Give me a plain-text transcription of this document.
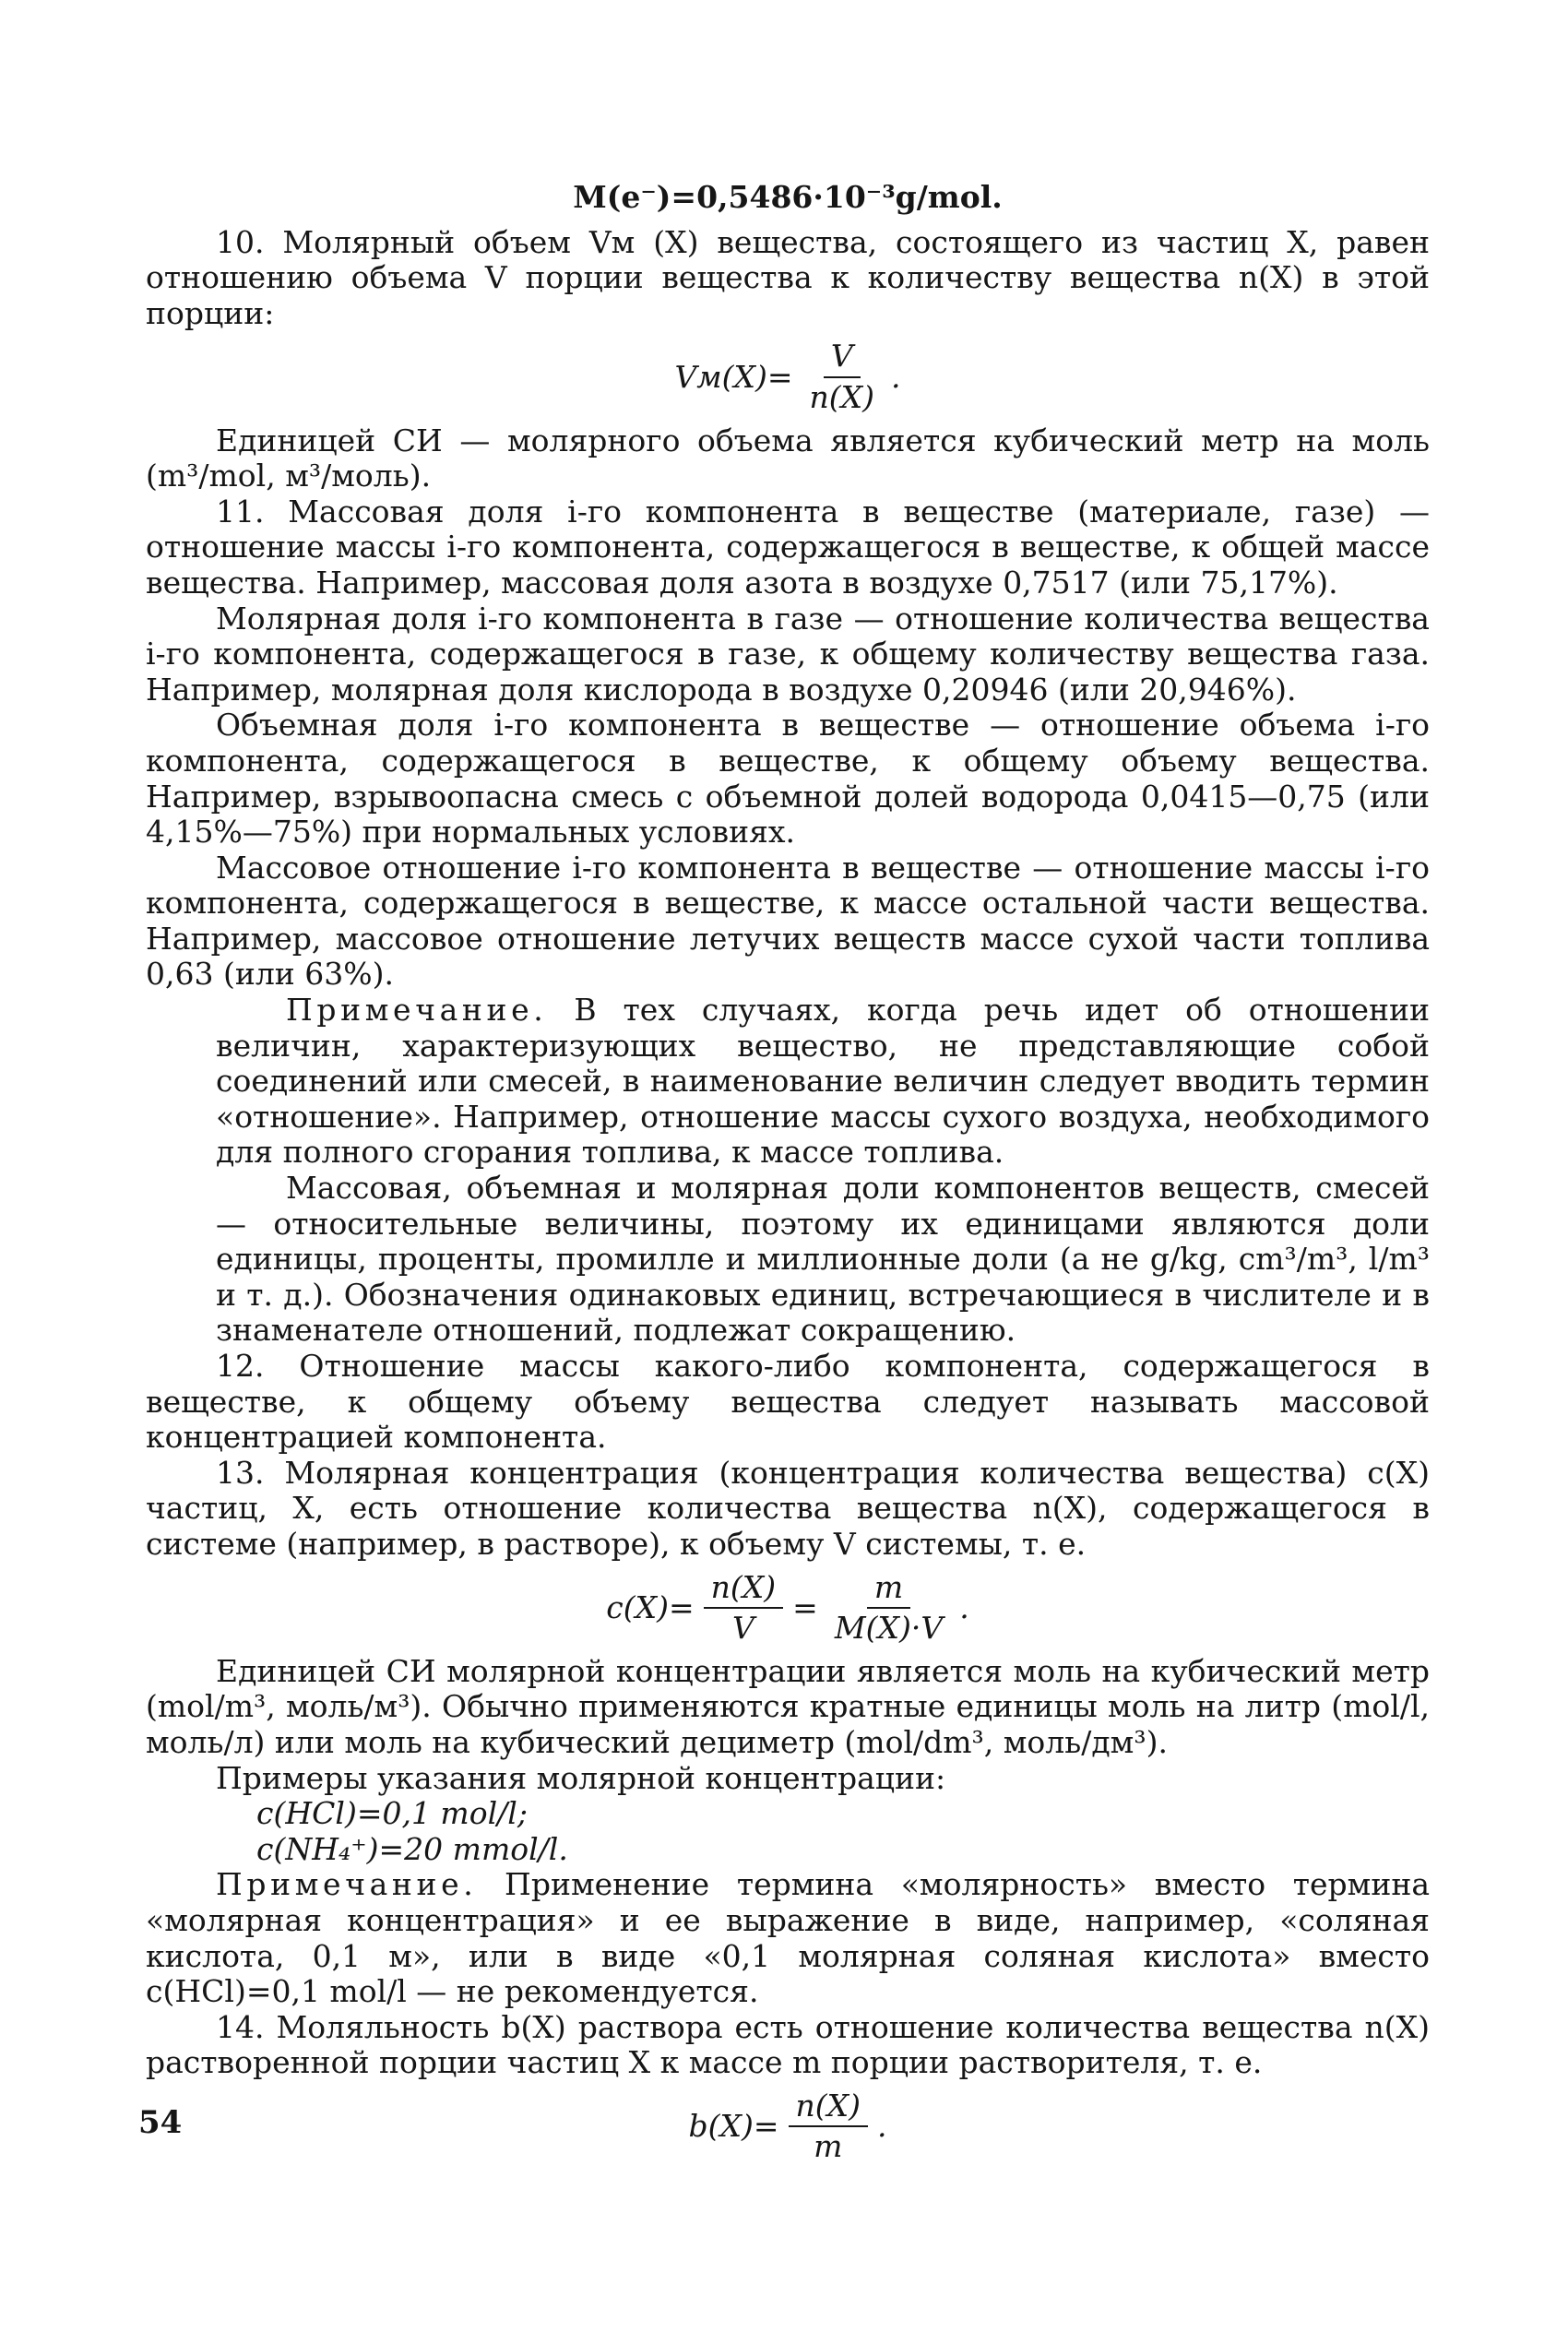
M(e⁻)=0,5486·10⁻³g/mol.

10. Молярный объем Vм (X) вещества, состоящего из частиц X, равен отношению объема V порции вещества к количеству вещества n(X) в этой порции:

$Vм(X)= \frac{V}{n(X)}$ .

Единицей СИ — молярного объема является кубический метр на моль (m³/mol, м³/моль).

11. Массовая доля i-го компонента в веществе (материале, газе) — отношение массы i-го компонента, содержащегося в веществе, к общей массе вещества. Например, массовая доля азота в воздухе 0,7517 (или 75,17%).

Молярная доля i-го компонента в газе — отношение количества вещества i-го компонента, содержащегося в газе, к общему количеству вещества газа. Например, молярная доля кислорода в воздухе 0,20946 (или 20,946%).

Объемная доля i-го компонента в веществе — отношение объема i-го компонента, содержащегося в веществе, к общему объему вещества. Например, взрывоопасна смесь с объемной долей водорода 0,0415—0,75 (или 4,15%—75%) при нормальных условиях.

Массовое отношение i-го компонента в веществе — отношение массы i-го компонента, содержащегося в веществе, к массе остальной части вещества. Например, массовое отношение летучих веществ массе сухой части топлива 0,63 (или 63%).

Примечание. В тех случаях, когда речь идет об отношении величин, характеризующих вещество, не представляющие собой соединений или смесей, в наименование величин следует вводить термин «отношение». Например, отношение массы сухого воздуха, необходимого для полного сгорания топлива, к массе топлива.

Массовая, объемная и молярная доли компонентов веществ, смесей — относительные величины, поэтому их единицами являются доли единицы, проценты, промилле и миллионные доли (а не g/kg, cm³/m³, l/m³ и т. д.). Обозначения одинаковых единиц, встречающиеся в числителе и в знаменателе отношений, подлежат сокращению.

12. Отношение массы какого-либо компонента, содержащегося в веществе, к общему объему вещества следует называть массовой концентрацией компонента.

13. Молярная концентрация (концентрация количества вещества) c(X) частиц, X, есть отношение количества вещества n(X), содержащегося в системе (например, в растворе), к объему V системы, т. е.

$c(X)= \frac{n(X)}{V} = \frac{m}{M(X)\cdot V}$ .

Единицей СИ молярной концентрации является моль на кубический метр (mol/m³, моль/м³). Обычно применяются кратные единицы моль на литр (mol/l, моль/л) или моль на кубический дециметр (mol/dm³, моль/дм³).

Примеры указания молярной концентрации:

c(HCl)=0,1 mol/l;

c(NH₄⁺)=20 mmol/l.

Примечание. Применение термина «молярность» вместо термина «молярная концентрация» и ее выражение в виде, например, «соляная кислота, 0,1 м», или в виде «0,1 молярная соляная кислота» вместо c(HCl)=0,1 mol/l — не рекомендуется.

14. Моляльность b(X) раствора есть отношение количества вещества n(X) растворенной порции частиц X к массе m порции растворителя, т. е.

$b(X)= \frac{n(X)}{m}$ .
54
